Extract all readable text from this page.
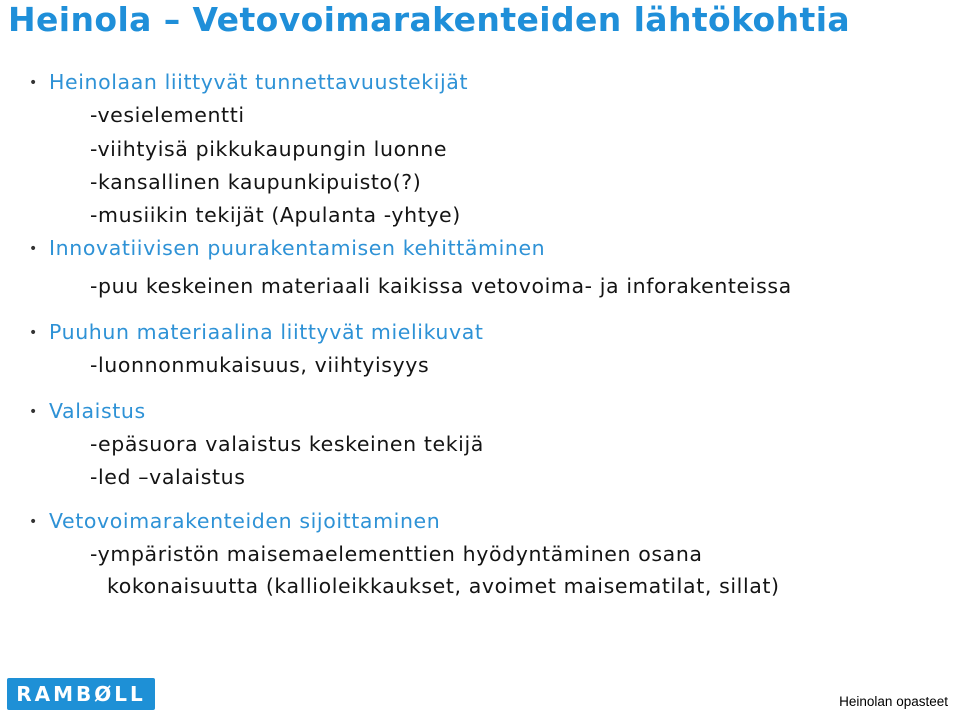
Heinola – Vetovoimarakenteiden lähtökohtia
• Heinolaan liittyvät tunnettavuustekijät
-vesielementti
-viihtyisä pikkukaupungin luonne
-kansallinen kaupunkipuisto(?)
-musiikin tekijät (Apulanta -yhtye)
• Innovatiivisen puurakentamisen kehittäminen
-puu keskeinen materiaali kaikissa vetovoima- ja inforakenteissa
• Puuhun materiaalina liittyvät mielikuvat
-luonnonmukaisuus, viihtyisyys
• Valaistus
-epäsuora valaistus keskeinen tekijä
-led –valaistus
• Vetovoimarakenteiden sijoittaminen
-ympäristön maisemaelementtien hyödyntäminen osana
kokonaisuutta (kallioleikkaukset, avoimet maisematilat, sillat)
RAMBØLL	Heinolan opasteet
